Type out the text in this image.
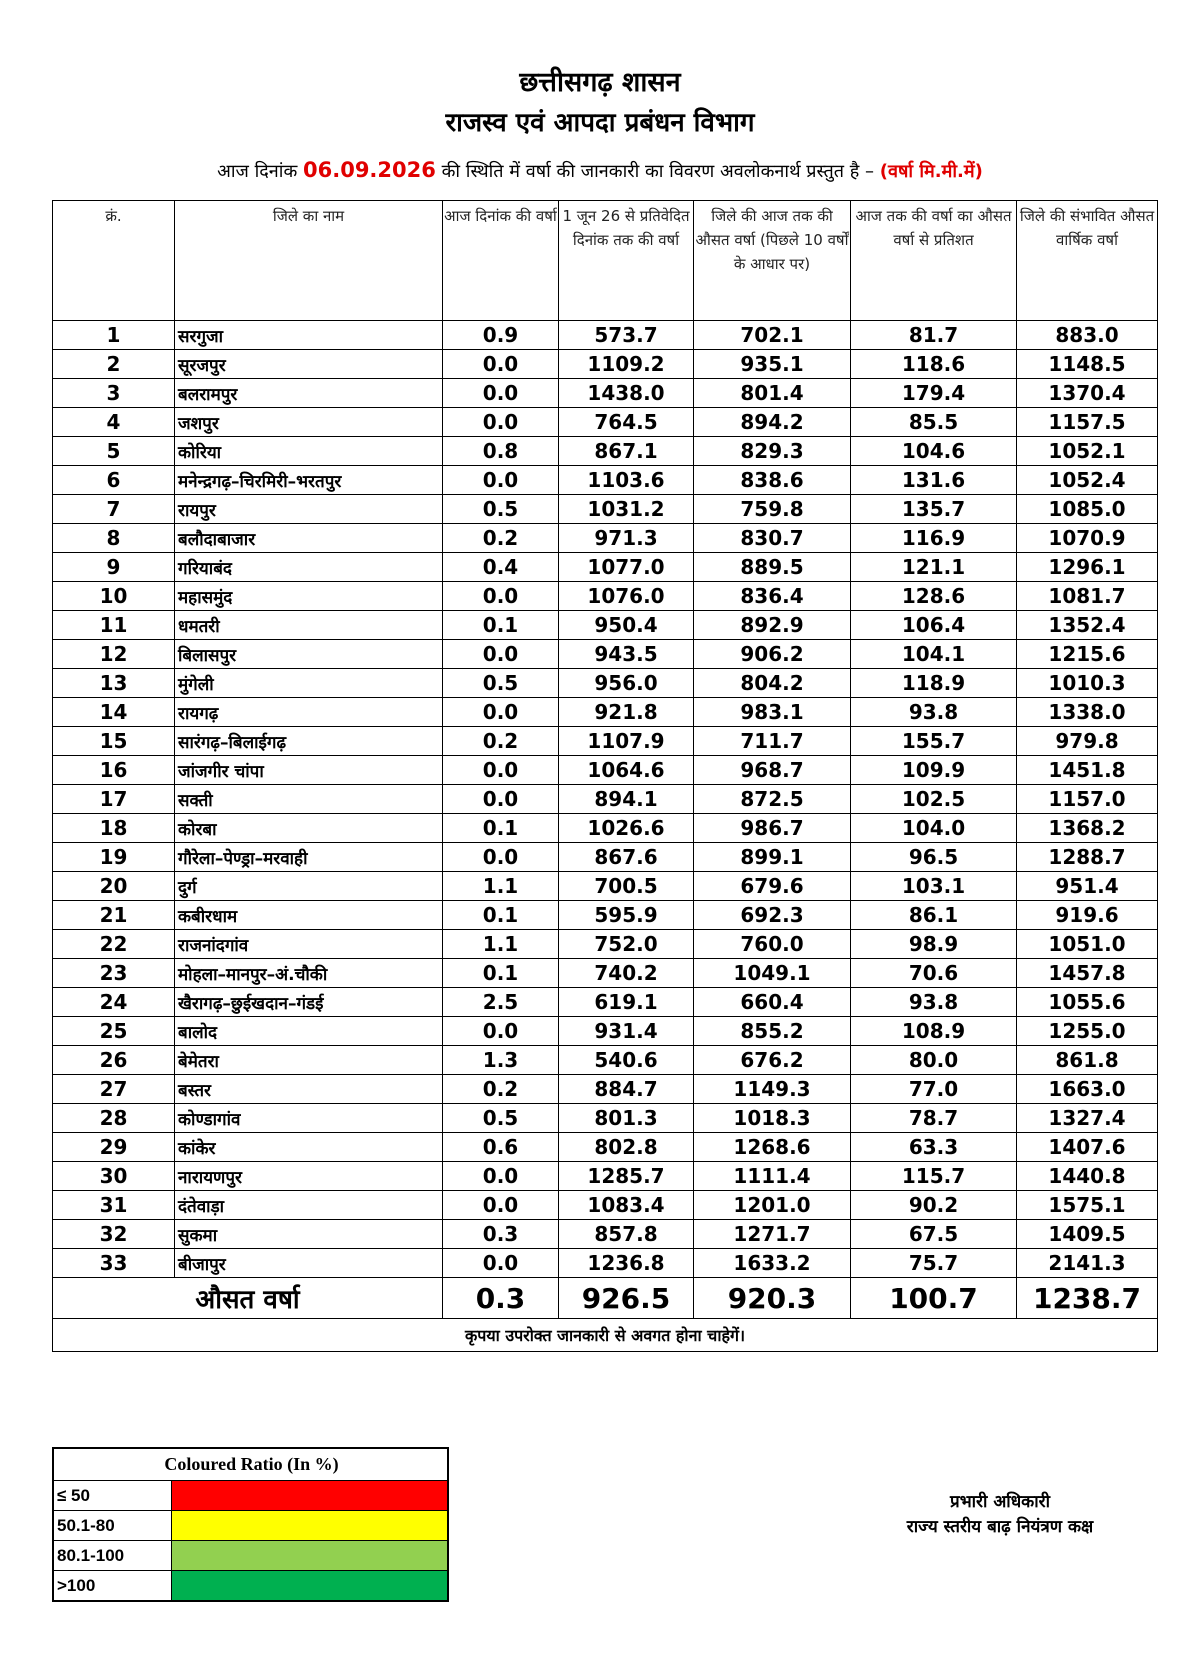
छत्तीसगढ़ शासन
राजस्व एवं आपदा प्रबंधन विभाग
आज दिनांक 06.09.2026 की स्थिति में वर्षा की जानकारी का विवरण अवलोकनार्थ प्रस्तुत है – (वर्षा मि.मी.में)
क्रं.	जिले का नाम	आज दिनांक की वर्षा	1 जून 26 से प्रतिवेदित दिनांक तक की वर्षा	जिले की आज तक की औसत वर्षा (पिछले 10 वर्षों के आधार पर)	आज तक की वर्षा का औसत वर्षा से प्रतिशत	जिले की संभावित औसत वार्षिक वर्षा
1	सरगुजा	0.9	573.7	702.1	81.7	883.0
2	सूरजपुर	0.0	1109.2	935.1	118.6	1148.5
3	बलरामपुर	0.0	1438.0	801.4	179.4	1370.4
4	जशपुर	0.0	764.5	894.2	85.5	1157.5
5	कोरिया	0.8	867.1	829.3	104.6	1052.1
6	मनेन्द्रगढ़–चिरमिरी–भरतपुर	0.0	1103.6	838.6	131.6	1052.4
7	रायपुर	0.5	1031.2	759.8	135.7	1085.0
8	बलौदाबाजार	0.2	971.3	830.7	116.9	1070.9
9	गरियाबंद	0.4	1077.0	889.5	121.1	1296.1
10	महासमुंद	0.0	1076.0	836.4	128.6	1081.7
11	धमतरी	0.1	950.4	892.9	106.4	1352.4
12	बिलासपुर	0.0	943.5	906.2	104.1	1215.6
13	मुंगेली	0.5	956.0	804.2	118.9	1010.3
14	रायगढ़	0.0	921.8	983.1	93.8	1338.0
15	सारंगढ़–बिलाईगढ़	0.2	1107.9	711.7	155.7	979.8
16	जांजगीर चांपा	0.0	1064.6	968.7	109.9	1451.8
17	सक्ती	0.0	894.1	872.5	102.5	1157.0
18	कोरबा	0.1	1026.6	986.7	104.0	1368.2
19	गौरेला–पेण्ड्रा–मरवाही	0.0	867.6	899.1	96.5	1288.7
20	दुर्ग	1.1	700.5	679.6	103.1	951.4
21	कबीरधाम	0.1	595.9	692.3	86.1	919.6
22	राजनांदगांव	1.1	752.0	760.0	98.9	1051.0
23	मोहला–मानपुर–अं.चौकी	0.1	740.2	1049.1	70.6	1457.8
24	खैरागढ़–छुईखदान–गंडई	2.5	619.1	660.4	93.8	1055.6
25	बालोद	0.0	931.4	855.2	108.9	1255.0
26	बेमेतरा	1.3	540.6	676.2	80.0	861.8
27	बस्तर	0.2	884.7	1149.3	77.0	1663.0
28	कोण्डागांव	0.5	801.3	1018.3	78.7	1327.4
29	कांकेर	0.6	802.8	1268.6	63.3	1407.6
30	नारायणपुर	0.0	1285.7	1111.4	115.7	1440.8
31	दंतेवाड़ा	0.0	1083.4	1201.0	90.2	1575.1
32	सुकमा	0.3	857.8	1271.7	67.5	1409.5
33	बीजापुर	0.0	1236.8	1633.2	75.7	2141.3
औसत वर्षा		0.3	926.5	920.3	100.7	1238.7
कृपया उपरोक्त जानकारी से अवगत होना चाहेगें।						
Coloured Ratio (In %)	
≤ 50	
50.1-80	
80.1-100	
>100	
प्रभारी अधिकारी
राज्य स्तरीय बाढ़ नियंत्रण कक्ष
